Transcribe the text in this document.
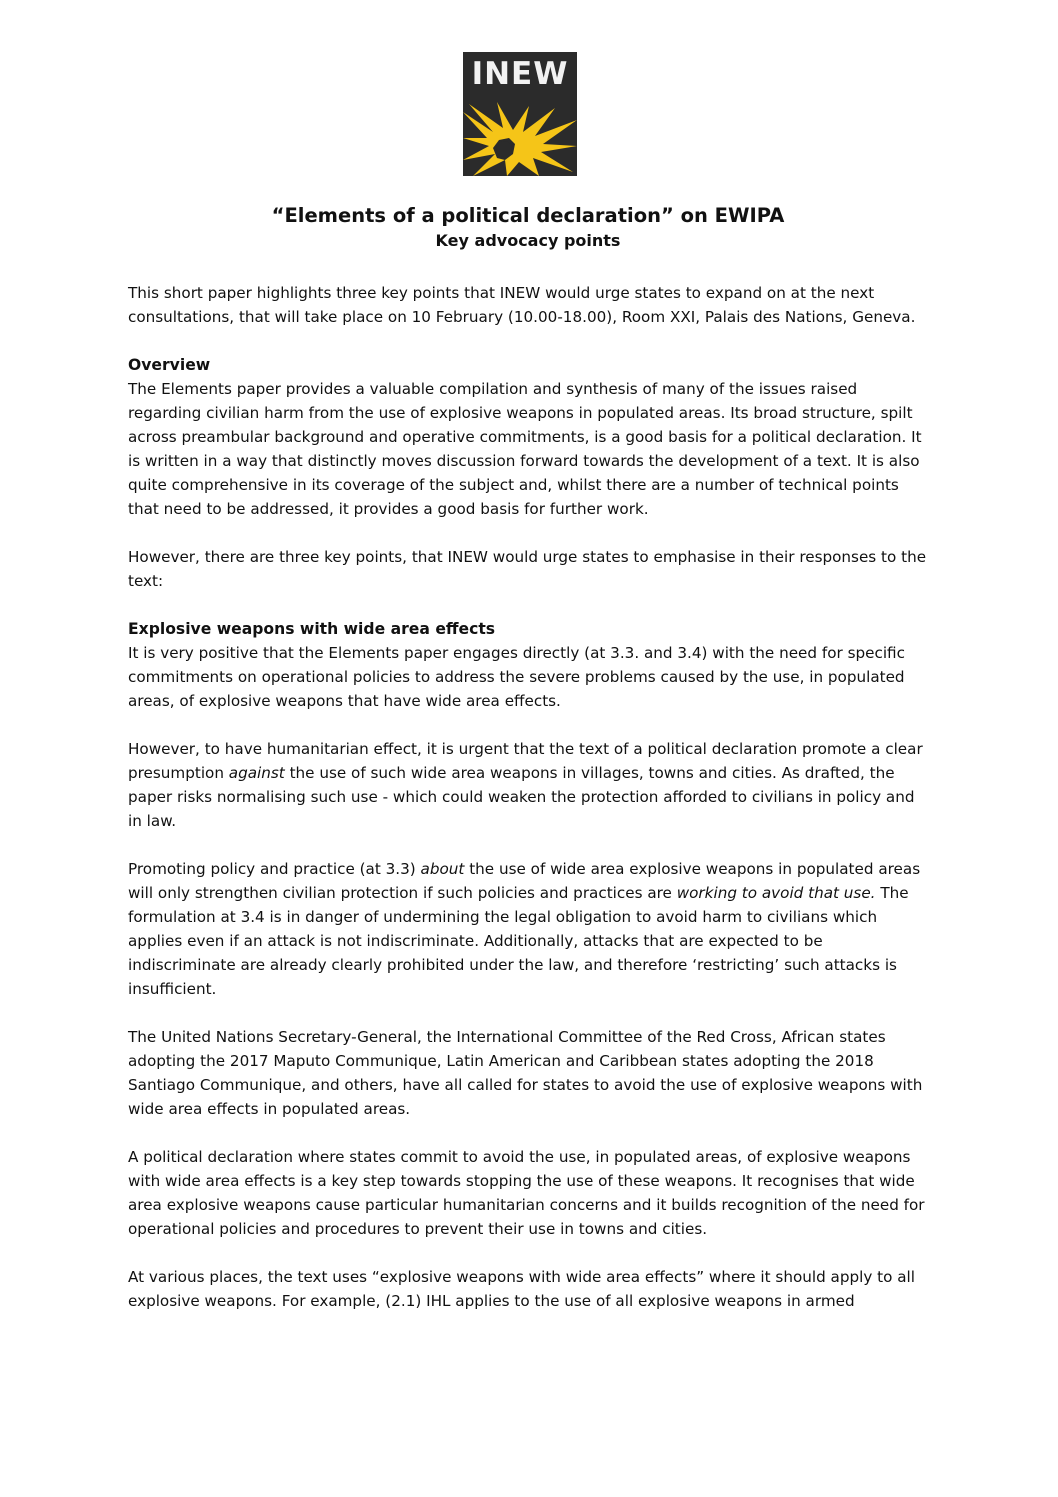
INEW
“Elements of a political declaration” on EWIPA
Key advocacy points

This short paper highlights three key points that INEW would urge states to expand on at the next consultations, that will take place on 10 February (10.00-18.00), Room XXI, Palais des Nations, Geneva.

Overview

The Elements paper provides a valuable compilation and synthesis of many of the issues raised regarding civilian harm from the use of explosive weapons in populated areas. Its broad structure, spilt across preambular background and operative commitments, is a good basis for a political declaration. It is written in a way that distinctly moves discussion forward towards the development of a text. It is also quite comprehensive in its coverage of the subject and, whilst there are a number of technical points that need to be addressed, it provides a good basis for further work.

However, there are three key points, that INEW would urge states to emphasise in their responses to the text:

Explosive weapons with wide area effects

It is very positive that the Elements paper engages directly (at 3.3. and 3.4) with the need for specific commitments on operational policies to address the severe problems caused by the use, in populated areas, of explosive weapons that have wide area effects.

However, to have humanitarian effect, it is urgent that the text of a political declaration promote a clear presumption against the use of such wide area weapons in villages, towns and cities. As drafted, the paper risks normalising such use - which could weaken the protection afforded to civilians in policy and in law.

Promoting policy and practice (at 3.3) about the use of wide area explosive weapons in populated areas will only strengthen civilian protection if such policies and practices are working to avoid that use. The formulation at 3.4 is in danger of undermining the legal obligation to avoid harm to civilians which applies even if an attack is not indiscriminate. Additionally, attacks that are expected to be indiscriminate are already clearly prohibited under the law, and therefore ‘restricting’ such attacks is insufficient.

The United Nations Secretary-General, the International Committee of the Red Cross, African states adopting the 2017 Maputo Communique, Latin American and Caribbean states adopting the 2018 Santiago Communique, and others, have all called for states to avoid the use of explosive weapons with wide area effects in populated areas.

A political declaration where states commit to avoid the use, in populated areas, of explosive weapons with wide area effects is a key step towards stopping the use of these weapons. It recognises that wide area explosive weapons cause particular humanitarian concerns and it builds recognition of the need for operational policies and procedures to prevent their use in towns and cities.

At various places, the text uses “explosive weapons with wide area effects” where it should apply to all explosive weapons. For example, (2.1) IHL applies to the use of all explosive weapons in armed
